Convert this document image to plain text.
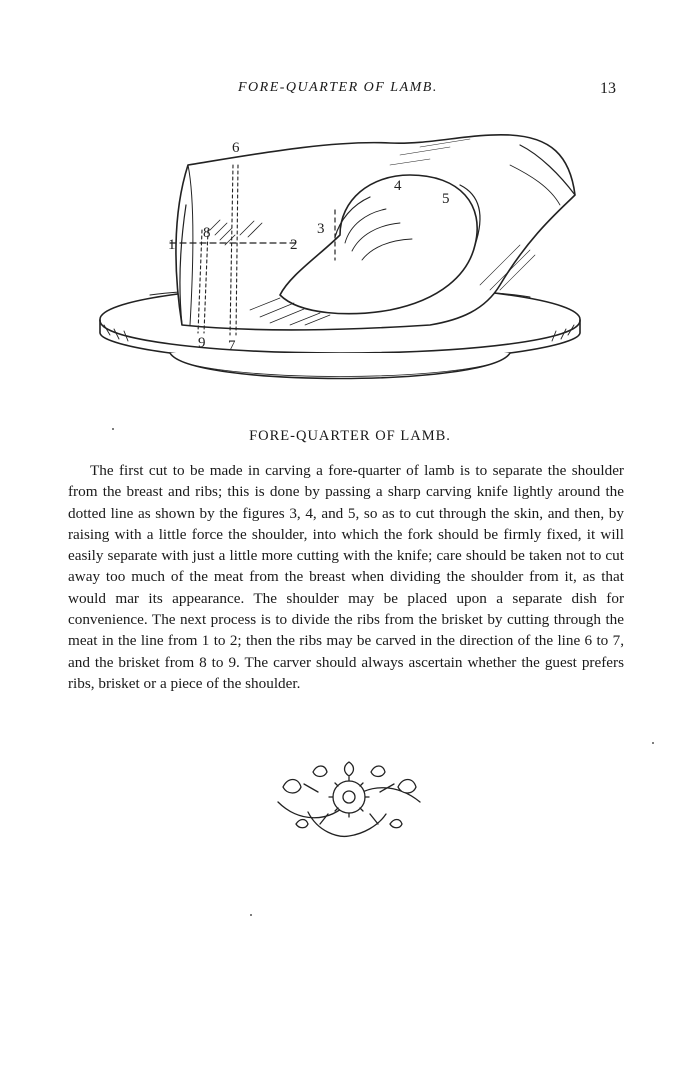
FORE-QUARTER OF LAMB.	13
1	2
3
4
5
6
7
8
9
FORE-QUARTER OF LAMB.

The first cut to be made in carving a fore-quarter of lamb is to separate the shoulder from the breast and ribs; this is done by passing a sharp carving knife lightly around the dotted line as shown by the figures 3, 4, and 5, so as to cut through the skin, and then, by raising with a little force the shoulder, into which the fork should be firmly fixed, it will easily separate with just a little more cutting with the knife; care should be taken not to cut away too much of the meat from the breast when dividing the shoulder from it, as that would mar its appearance. The shoulder may be placed upon a separate dish for convenience. The next process is to divide the ribs from the brisket by cutting through the meat in the line from 1 to 2; then the ribs may be carved in the direction of the line 6 to 7, and the brisket from 8 to 9. The carver should always ascertain whether the guest prefers ribs, brisket or a piece of the shoulder.
